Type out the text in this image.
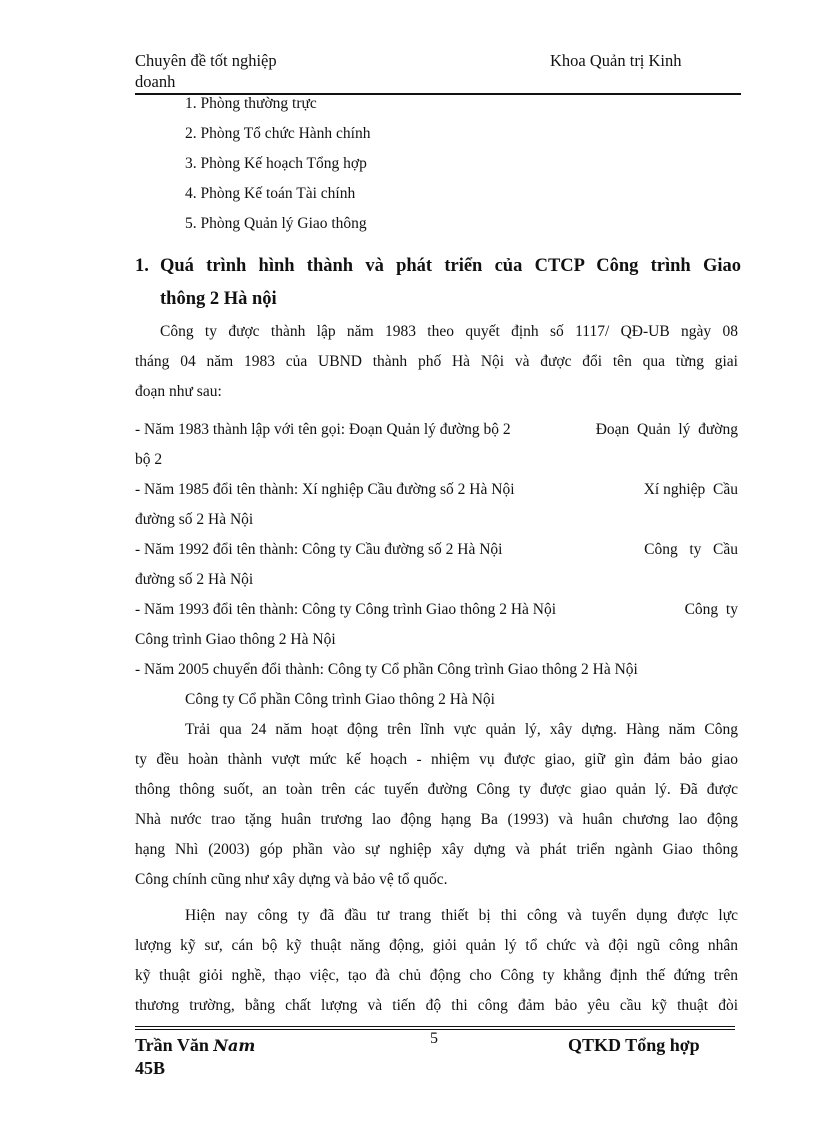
Chuyên đề tốt nghiệp
doanh
Khoa Quản trị Kinh
1. Phòng thường trực
2. Phòng Tổ chức Hành chính
3. Phòng Kế hoạch Tổng hợp
4. Phòng Kế toán Tài chính
5. Phòng Quản lý Giao thông
1. Quá trình hình thành và phát triển của CTCP Công trình Giao
thông 2 Hà nội
Công ty được thành lập năm 1983 theo quyết định số 1117/ QĐ-UB ngày 08
tháng 04 năm 1983 của UBND thành phố Hà Nội và được đổi tên qua từng giai
đoạn như sau:
- Năm 1983 thành lập với tên gọi: Đoạn Quản lý đường bộ 2	Đoạn  Quản  lý  đường
bộ 2
- Năm 1985 đổi tên thành: Xí nghiệp Cầu đường số 2 Hà Nội	Xí nghiệp  Cầu
đường số 2 Hà Nội
- Năm 1992 đổi tên thành: Công ty Cầu đường số 2 Hà Nội	Công   ty   Cầu
đường số 2 Hà Nội
- Năm 1993 đổi tên thành: Công ty Công trình Giao thông 2 Hà Nội	Công  ty
Công trình Giao thông 2 Hà Nội
- Năm 2005 chuyển đổi thành: Công ty Cổ phần Công trình Giao thông 2 Hà Nội
Công ty Cổ phần Công trình Giao thông 2 Hà Nội
Trải qua 24 năm hoạt động trên lĩnh vực quản lý, xây dựng. Hàng năm Công
ty đều hoàn thành vượt mức kế hoạch - nhiệm vụ được giao, giữ gìn đảm bảo giao
thông thông suốt, an toàn trên các tuyến đường Công ty được giao quản lý. Đã được
Nhà nước trao tặng huân trương lao động hạng Ba (1993) và huân chương lao động
hạng Nhì (2003) góp phần vào sự nghiệp xây dựng và phát triển ngành Giao thông
Công chính cũng như xây dựng và bảo vệ tổ quốc.
Hiện nay công ty đã đầu tư trang thiết bị thi công và tuyển dụng được lực
lượng kỹ sư, cán bộ kỹ thuật năng động, giỏi quản lý tổ chức và đội ngũ công nhân
kỹ thuật giỏi nghề, thạo việc, tạo đà chủ động cho Công ty khẳng định thế đứng trên
thương trường, bằng chất lượng và tiến độ thi công đảm bảo yêu cầu kỹ thuật đòi
Trần Văn Nam
45B
5	QTKD Tổng hợp
